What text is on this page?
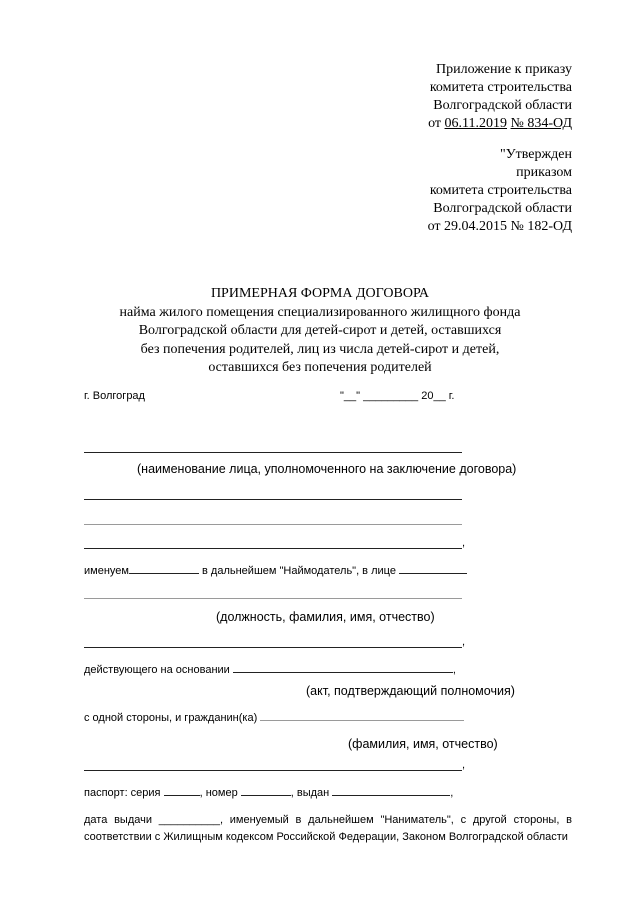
Приложение к приказу
комитета строительства
Волгоградской области
от 06.11.2019 № 834-ОД
"Утвержден
приказом
комитета строительства
Волгоградской области
от 29.04.2015 № 182-ОД
ПРИМЕРНАЯ ФОРМА ДОГОВОРА
найма жилого помещения специализированного жилищного фонда
Волгоградской области для детей-сирот и детей, оставшихся
без попечения родителей, лиц из числа детей-сирот и детей,
оставшихся без попечения родителей
г. Волгоград	"__" _________ 20__ г.
(наименование лица, уполномоченного на заключение договора)
,
именуем	в дальнейшем "Наймодатель", в лице
(должность, фамилия, имя, отчество)
,
действующего на основании	,
(акт, подтверждающий полномочия)
с одной стороны, и гражданин(ка)
(фамилия, имя, отчество)
,
паспорт: серия	, номер	, выдан	,
дата выдачи __________, именуемый в дальнейшем "Наниматель", с другой стороны, в соответствии с Жилищным кодексом Российской Федерации, Законом Волгоградской области
